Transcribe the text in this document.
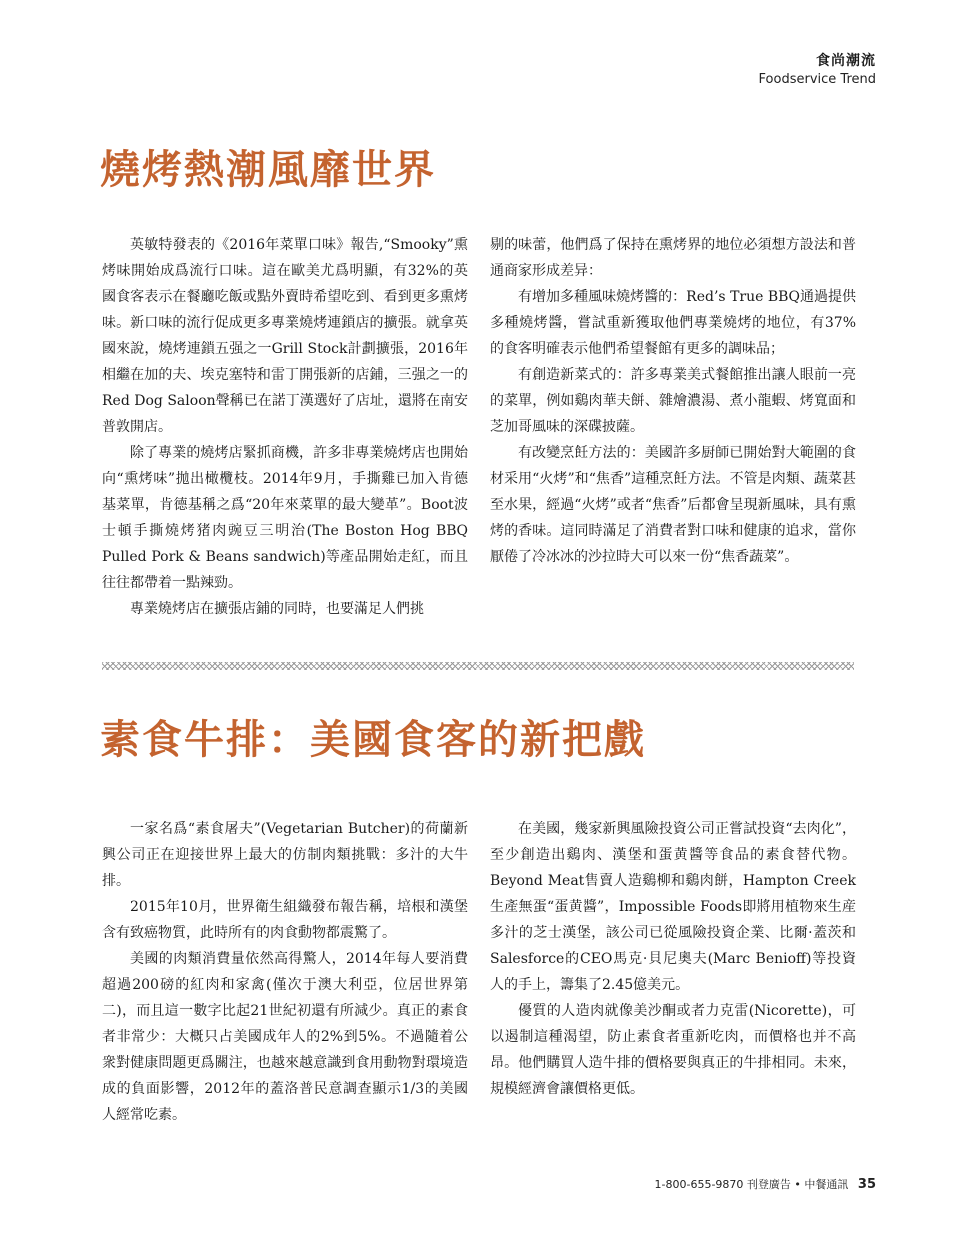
食尚潮流
Foodservice Trend
燒烤熱潮風靡世界

英敏特發表的《2016年菜單口味》報告,“Smooky”熏烤味開始成爲流行口味。這在歐美尤爲明顯，有32%的英國食客表示在餐廳吃飯或點外賣時希望吃到、看到更多熏烤味。新口味的流行促成更多專業燒烤連鎖店的擴張。就拿英國來說，燒烤連鎖五强之一Grill Stock計劃擴張，2016年相繼在加的夫、埃克塞特和雷丁開張新的店鋪，三强之一的Red Dog Saloon聲稱已在諾丁漢選好了店址，還將在南安普敦開店。

除了專業的燒烤店緊抓商機，許多非專業燒烤店也開始向“熏烤味”拋出橄欖枝。2014年9月，手撕雞已加入肯德基菜單，肯德基稱之爲“20年來菜單的最大變革”。Boot波士頓手撕燒烤猪肉豌豆三明治(The Boston Hog BBQ Pulled Pork & Beans sandwich)等產品開始走紅，而且往往都帶着一點辣勁。

專業燒烤店在擴張店鋪的同時，也要滿足人們挑

剔的味蕾，他們爲了保持在熏烤界的地位必須想方設法和普通商家形成差异：

有增加多種風味燒烤醬的：Red’s True BBQ通過提供多種燒烤醬，嘗試重新獲取他們專業燒烤的地位，有37%的食客明確表示他們希望餐館有更多的調味品；

有創造新菜式的：許多專業美式餐館推出讓人眼前一亮的菜單，例如鷄肉華夫餅、雜燴濃湯、煮小龍蝦、烤寬面和芝加哥風味的深碟披薩。

有改變烹飪方法的：美國許多厨師已開始對大範圍的食材采用“火烤”和“焦香”這種烹飪方法。不管是肉類、蔬菜甚至水果，經過“火烤”或者“焦香”后都會呈現新風味，具有熏烤的香味。這同時滿足了消費者對口味和健康的追求，當你厭倦了冷冰冰的沙拉時大可以來一份“焦香蔬菜”。

素食牛排：美國食客的新把戲

一家名爲“素食屠夫”(Vegetarian Butcher)的荷蘭新興公司正在迎接世界上最大的仿制肉類挑戰：多汁的大牛排。

2015年10月，世界衛生組織發布報告稱，培根和漢堡含有致癌物質，此時所有的肉食動物都震驚了。

美國的肉類消費量依然高得驚人，2014年每人要消費超過200磅的紅肉和家禽(僅次于澳大利亞，位居世界第二)，而且這一數字比起21世紀初還有所減少。真正的素食者非常少：大概只占美國成年人的2%到5%。不過隨着公衆對健康問題更爲關注，也越來越意識到食用動物對環境造成的負面影響，2012年的蓋洛普民意調查顯示1/3的美國人經常吃素。

在美國，幾家新興風險投資公司正嘗試投資“去肉化”，至少創造出鷄肉、漢堡和蛋黄醬等食品的素食替代物。Beyond Meat售賣人造鷄柳和鷄肉餅，Hampton Creek生產無蛋“蛋黄醬”，Impossible Foods即將用植物來生産多汁的芝士漢堡，該公司已從風險投資企業、比爾·蓋茨和Salesforce的CEO馬克·貝尼奧夫(Marc Benioff)等投資人的手上，籌集了2.45億美元。

優質的人造肉就像美沙酮或者力克雷(Nicorette)，可以遏制這種渴望，防止素食者重新吃肉，而價格也并不高昂。他們購買人造牛排的價格要與真正的牛排相同。未來，規模經濟會讓價格更低。

1-800-655-9870 刊登廣告 • 中餐通訊 35
